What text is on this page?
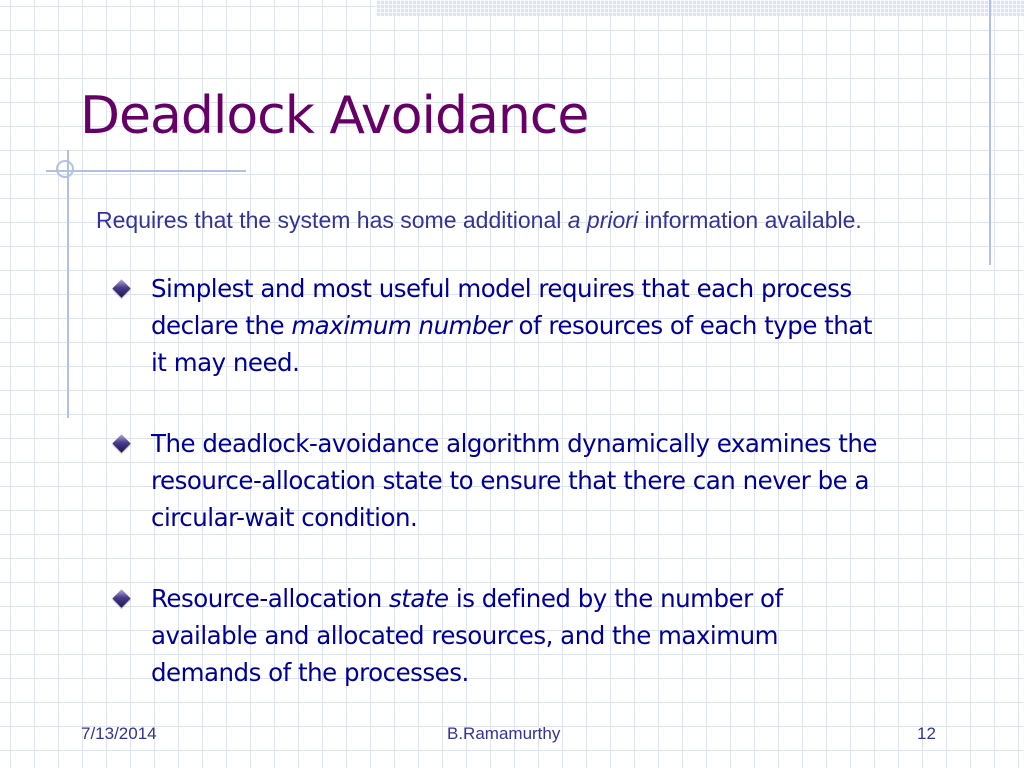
Deadlock Avoidance

Requires that the system has some additional a priori information available.

Simplest and most useful model requires that each process declare the maximum number of resources of each type that it may need.
The deadlock-avoidance algorithm dynamically examines the resource-allocation state to ensure that there can never be a circular-wait condition.
Resource-allocation state is defined by the number of available and allocated resources, and the maximum demands of the processes.
7/13/2014	B.Ramamurthy	12
